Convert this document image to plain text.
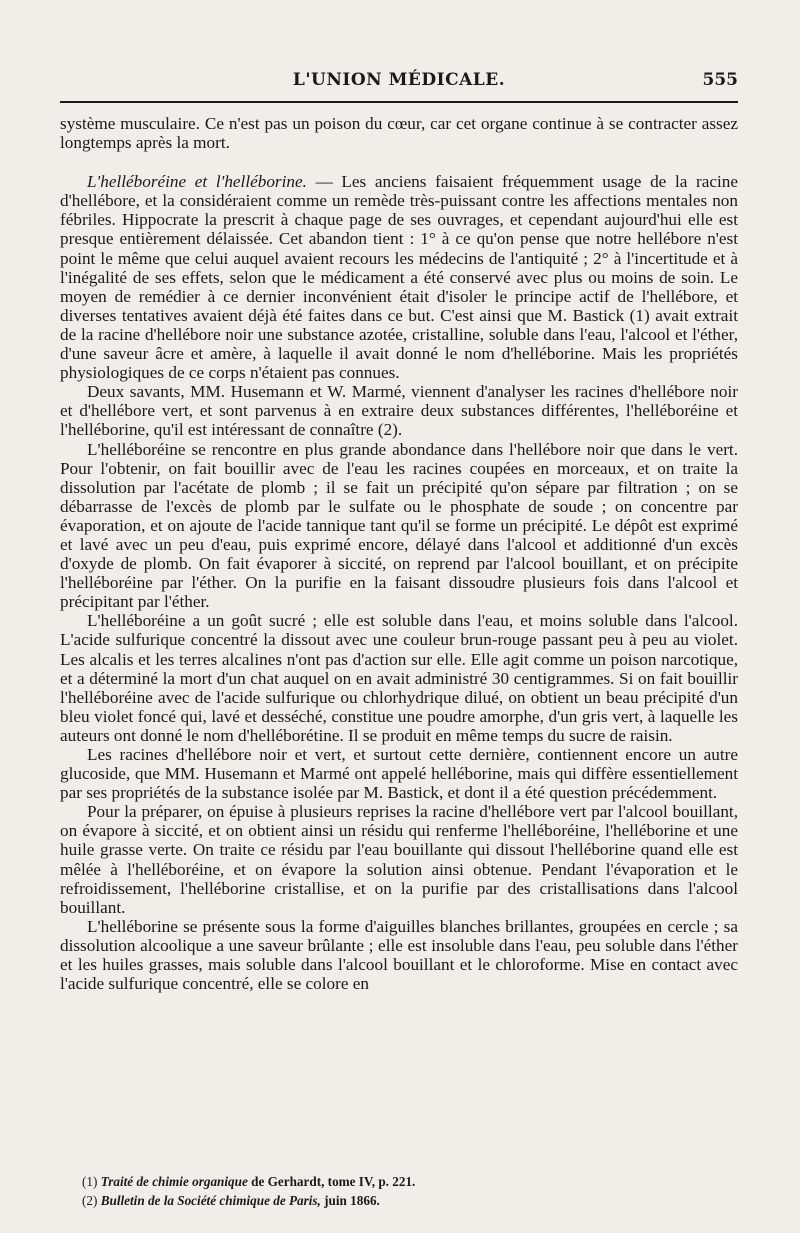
L'UNION MÉDICALE.	555

système musculaire. Ce n'est pas un poison du cœur, car cet organe continue à se contracter assez longtemps après la mort.

L'helléboréine et l'helléborine. — Les anciens faisaient fréquemment usage de la racine d'hellébore, et la considéraient comme un remède très-puissant contre les affections mentales non fébriles. Hippocrate la prescrit à chaque page de ses ouvrages, et cependant aujourd'hui elle est presque entièrement délaissée. Cet abandon tient : 1° à ce qu'on pense que notre hellébore n'est point le même que celui auquel avaient recours les médecins de l'antiquité ; 2° à l'incertitude et à l'inégalité de ses effets, selon que le médicament a été conservé avec plus ou moins de soin. Le moyen de remédier à ce dernier inconvénient était d'isoler le principe actif de l'hellébore, et diverses tentatives avaient déjà été faites dans ce but. C'est ainsi que M. Bastick (1) avait extrait de la racine d'hellébore noir une substance azotée, cristalline, soluble dans l'eau, l'alcool et l'éther, d'une saveur âcre et amère, à laquelle il avait donné le nom d'helléborine. Mais les propriétés physiologiques de ce corps n'étaient pas connues.

Deux savants, MM. Husemann et W. Marmé, viennent d'analyser les racines d'hellébore noir et d'hellébore vert, et sont parvenus à en extraire deux substances différentes, l'helléboréine et l'helléborine, qu'il est intéressant de connaître (2).

L'helléboréine se rencontre en plus grande abondance dans l'hellébore noir que dans le vert. Pour l'obtenir, on fait bouillir avec de l'eau les racines coupées en morceaux, et on traite la dissolution par l'acétate de plomb ; il se fait un précipité qu'on sépare par filtration ; on se débarrasse de l'excès de plomb par le sulfate ou le phosphate de soude ; on concentre par évaporation, et on ajoute de l'acide tannique tant qu'il se forme un précipité. Le dépôt est exprimé et lavé avec un peu d'eau, puis exprimé encore, délayé dans l'alcool et additionné d'un excès d'oxyde de plomb. On fait évaporer à siccité, on reprend par l'alcool bouillant, et on précipite l'helléboréine par l'éther. On la purifie en la faisant dissoudre plusieurs fois dans l'alcool et précipitant par l'éther.

L'helléboréine a un goût sucré ; elle est soluble dans l'eau, et moins soluble dans l'alcool. L'acide sulfurique concentré la dissout avec une couleur brun-rouge passant peu à peu au violet. Les alcalis et les terres alcalines n'ont pas d'action sur elle. Elle agit comme un poison narcotique, et a déterminé la mort d'un chat auquel on en avait administré 30 centigrammes. Si on fait bouillir l'helléboréine avec de l'acide sulfurique ou chlorhydrique dilué, on obtient un beau précipité d'un bleu violet foncé qui, lavé et desséché, constitue une poudre amorphe, d'un gris vert, à laquelle les auteurs ont donné le nom d'helléborétine. Il se produit en même temps du sucre de raisin.

Les racines d'hellébore noir et vert, et surtout cette dernière, contiennent encore un autre glucoside, que MM. Husemann et Marmé ont appelé helléborine, mais qui diffère essentiellement par ses propriétés de la substance isolée par M. Bastick, et dont il a été question précédemment.

Pour la préparer, on épuise à plusieurs reprises la racine d'hellébore vert par l'alcool bouillant, on évapore à siccité, et on obtient ainsi un résidu qui renferme l'helléboréine, l'helléborine et une huile grasse verte. On traite ce résidu par l'eau bouillante qui dissout l'helléborine quand elle est mêlée à l'helléboréine, et on évapore la solution ainsi obtenue. Pendant l'évaporation et le refroidissement, l'helléborine cristallise, et on la purifie par des cristallisations dans l'alcool bouillant.

L'helléborine se présente sous la forme d'aiguilles blanches brillantes, groupées en cercle ; sa dissolution alcoolique a une saveur brûlante ; elle est insoluble dans l'eau, peu soluble dans l'éther et les huiles grasses, mais soluble dans l'alcool bouillant et le chloroforme. Mise en contact avec l'acide sulfurique concentré, elle se colore en

(1) Traité de chimie organique de Gerhardt, tome IV, p. 221.

(2) Bulletin de la Société chimique de Paris, juin 1866.
